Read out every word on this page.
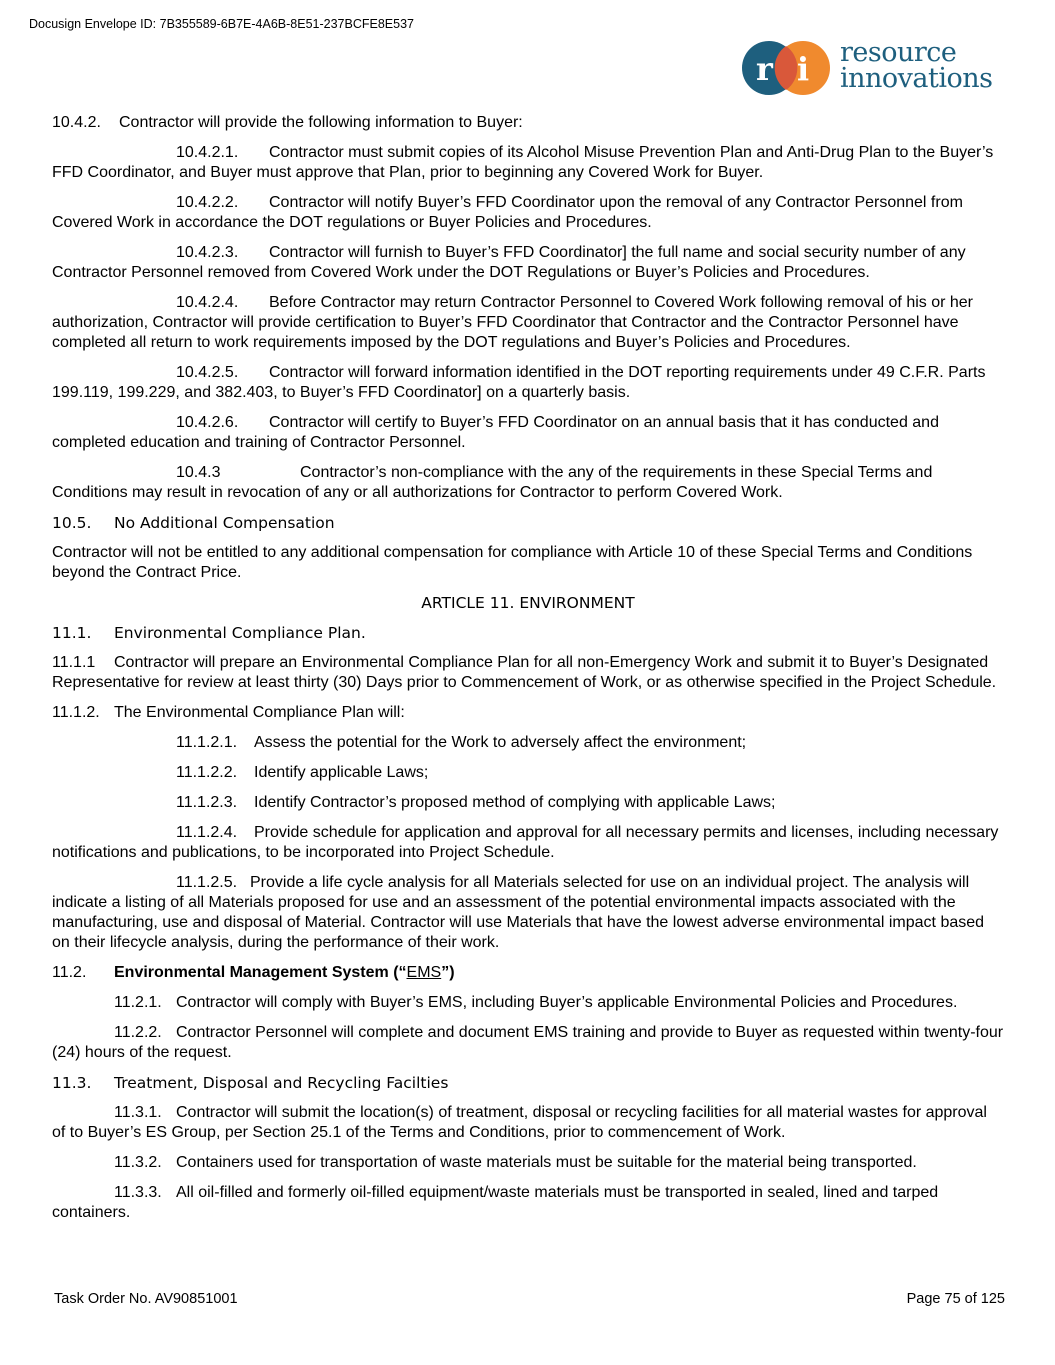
Docusign Envelope ID: 7B355589-6B7E-4A6B-8E51-237BCFE8E537
r i resource
innovations

10.4.2. Contractor will provide the following information to Buyer:

10.4.2.1. Contractor must submit copies of its Alcohol Misuse Prevention Plan and Anti-Drug Plan to the Buyer’s FFD Coordinator, and Buyer must approve that Plan, prior to beginning any Covered Work for Buyer.

10.4.2.2. Contractor will notify Buyer’s FFD Coordinator upon the removal of any Contractor Personnel from Covered Work in accordance the DOT regulations or Buyer Policies and Procedures.

10.4.2.3. Contractor will furnish to Buyer’s FFD Coordinator] the full name and social security number of any Contractor Personnel removed from Covered Work under the DOT Regulations or Buyer’s Policies and Procedures.

10.4.2.4. Before Contractor may return Contractor Personnel to Covered Work following removal of his or her authorization, Contractor will provide certification to Buyer’s FFD Coordinator that Contractor and the Contractor Personnel have completed all return to work requirements imposed by the DOT regulations and Buyer’s Policies and Procedures.

10.4.2.5. Contractor will forward information identified in the DOT reporting requirements under 49 C.F.R. Parts 199.119, 199.229, and 382.403, to Buyer’s FFD Coordinator] on a quarterly basis.

10.4.2.6. Contractor will certify to Buyer’s FFD Coordinator on an annual basis that it has conducted and completed education and training of Contractor Personnel.

10.4.3	Contractor’s non-compliance with the any of the requirements in these Special Terms and Conditions may result in revocation of any or all authorizations for Contractor to perform Covered Work.

10.5. No Additional Compensation

Contractor will not be entitled to any additional compensation for compliance with Article 10 of these Special Terms and Conditions beyond the Contract Price.

ARTICLE 11. ENVIRONMENT

11.1. Environmental Compliance Plan.

11.1.1 Contractor will prepare an Environmental Compliance Plan for all non-Emergency Work and submit it to Buyer’s Designated Representative for review at least thirty (30) Days prior to Commencement of Work, or as otherwise specified in the Project Schedule.

11.1.2. The Environmental Compliance Plan will:

11.1.2.1. Assess the potential for the Work to adversely affect the environment;

11.1.2.2. Identify applicable Laws;

11.1.2.3. Identify Contractor’s proposed method of complying with applicable Laws;

11.1.2.4. Provide schedule for application and approval for all necessary permits and licenses, including necessary notifications and publications, to be incorporated into Project Schedule.

11.1.2.5. Provide a life cycle analysis for all Materials selected for use on an individual project. The analysis will indicate a listing of all Materials proposed for use and an assessment of the potential environmental impacts associated with the manufacturing, use and disposal of Material. Contractor will use Materials that have the lowest adverse environmental impact based on their lifecycle analysis, during the performance of their work.

11.2. Environmental Management System (“EMS”)

11.2.1. Contractor will comply with Buyer’s EMS, including Buyer’s applicable Environmental Policies and Procedures.

11.2.2. Contractor Personnel will complete and document EMS training and provide to Buyer as requested within twenty-four (24) hours of the request.

11.3. Treatment, Disposal and Recycling Facilties

11.3.1. Contractor will submit the location(s) of treatment, disposal or recycling facilities for all material wastes for approval of to Buyer’s ES Group, per Section 25.1 of the Terms and Conditions, prior to commencement of Work.

11.3.2. Containers used for transportation of waste materials must be suitable for the material being transported.

11.3.3. All oil-filled and formerly oil-filled equipment/waste materials must be transported in sealed, lined and tarped containers.

Task Order No. AV90851001	Page 75 of 125
